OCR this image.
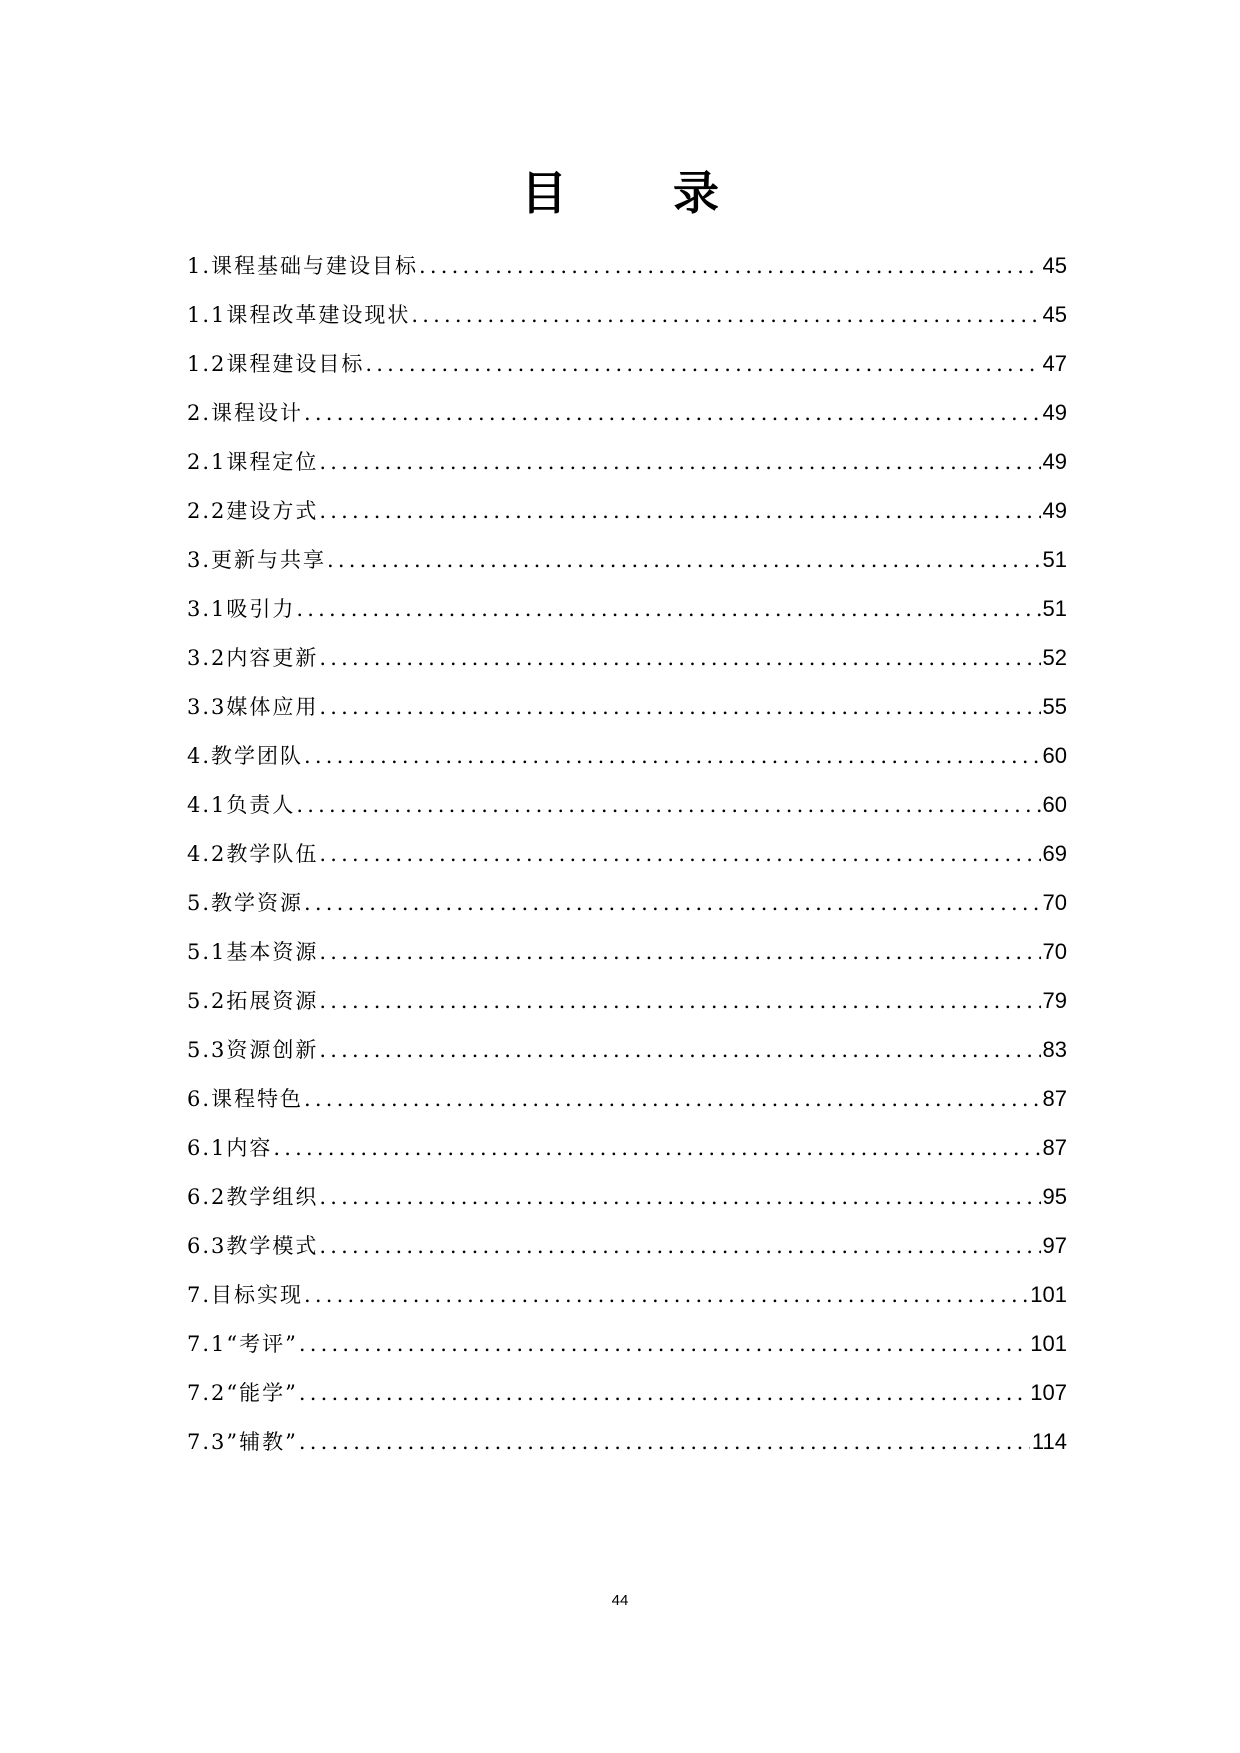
目　录
1.课程基础与建设目标 .....	45
1.1课程改革建设现状 .....	45
1.2课程建设目标 .....	47
2.课程设计 .....	49
2.1课程定位 .....	49
2.2建设方式 .....	49
3.更新与共享 .....	51
3.1吸引力 .....	51
3.2内容更新 .....	52
3.3媒体应用 .....	55
4.教学团队 .....	60
4.1负责人 .....	60
4.2教学队伍 .....	69
5.教学资源 .....	70
5.1基本资源 .....	70
5.2拓展资源 .....	79
5.3资源创新 .....	83
6.课程特色 .....	87
6.1内容 .....	87
6.2教学组织 .....	95
6.3教学模式 .....	97
7.目标实现 .....	101
7.1“考评” .....	101
7.2“能学” .....	107
7.3”辅教” .....	114
44
